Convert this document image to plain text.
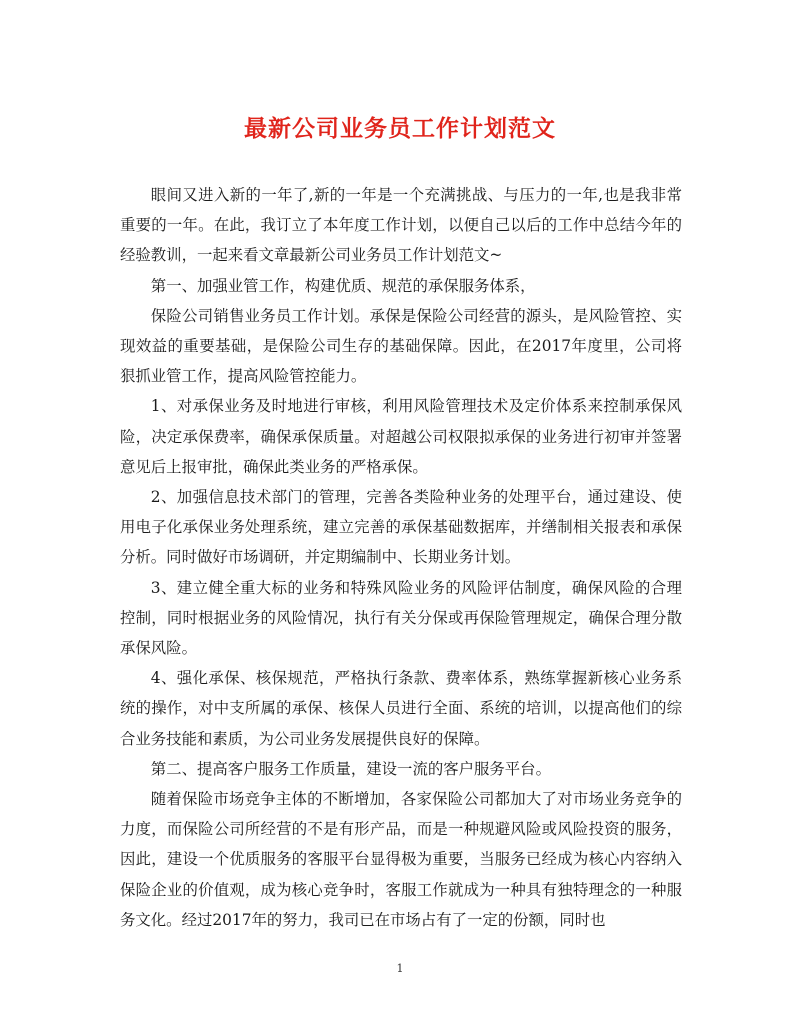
最新公司业务员工作计划范文

眼间又进入新的一年了,新的一年是一个充满挑战、与压力的一年,也是我非常重要的一年。在此，我订立了本年度工作计划，以便自己以后的工作中总结今年的经验教训，一起来看文章最新公司业务员工作计划范文~

第一、加强业管工作，构建优质、规范的承保服务体系，

保险公司销售业务员工作计划。承保是保险公司经营的源头，是风险管控、实现效益的重要基础，是保险公司生存的基础保障。因此，在2017年度里，公司将狠抓业管工作，提高风险管控能力。

1、对承保业务及时地进行审核，利用风险管理技术及定价体系来控制承保风险，决定承保费率，确保承保质量。对超越公司权限拟承保的业务进行初审并签署意见后上报审批，确保此类业务的严格承保。

2、加强信息技术部门的管理，完善各类险种业务的处理平台，通过建设、使用电子化承保业务处理系统，建立完善的承保基础数据库，并缮制相关报表和承保分析。同时做好市场调研，并定期编制中、长期业务计划。

3、建立健全重大标的业务和特殊风险业务的风险评估制度，确保风险的合理控制，同时根据业务的风险情况，执行有关分保或再保险管理规定，确保合理分散承保风险。

4、强化承保、核保规范，严格执行条款、费率体系，熟练掌握新核心业务系统的操作，对中支所属的承保、核保人员进行全面、系统的培训，以提高他们的综合业务技能和素质，为公司业务发展提供良好的保障。

第二、提高客户服务工作质量，建设一流的客户服务平台。

随着保险市场竞争主体的不断增加，各家保险公司都加大了对市场业务竞争的力度，而保险公司所经营的不是有形产品，而是一种规避风险或风险投资的服务，因此，建设一个优质服务的客服平台显得极为重要，当服务已经成为核心内容纳入保险企业的价值观，成为核心竞争时，客服工作就成为一种具有独特理念的一种服务文化。经过2017年的努力，我司已在市场占有了一定的份额，同时也

1
